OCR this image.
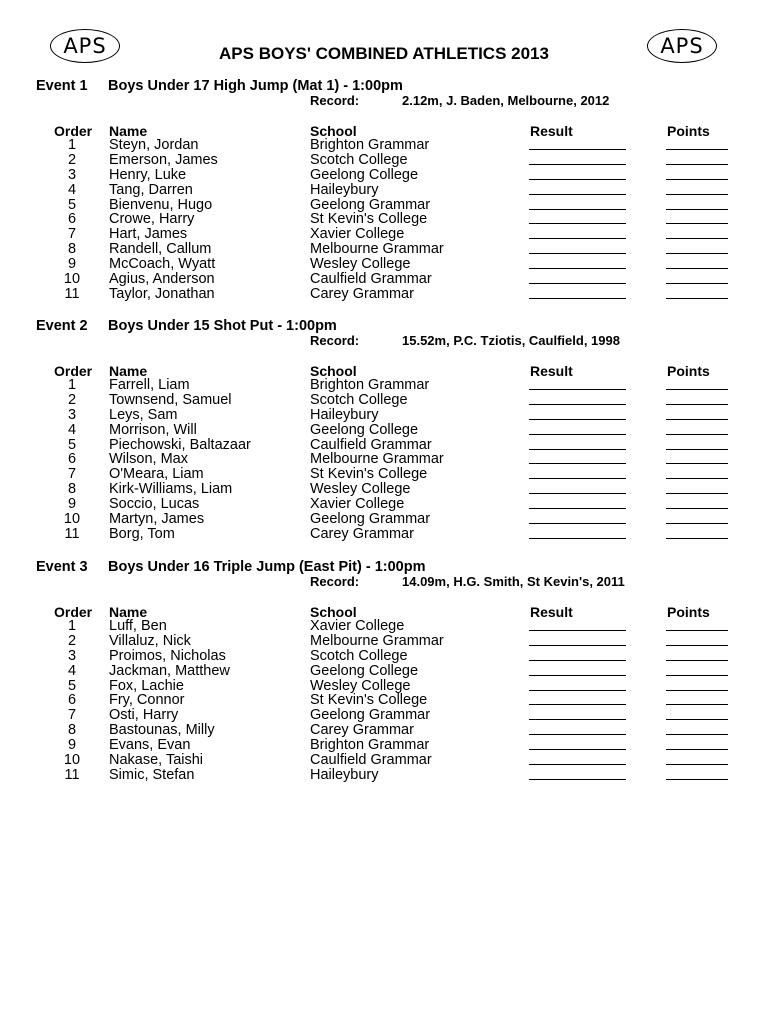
APS	APS BOYS' COMBINED ATHLETICS 2013	APS
Event 1 Boys Under 17 High Jump (Mat 1) - 1:00pm
Record:	2.12m, J. Baden, Melbourne, 2012
Order Name	School	Result	Points
1	Steyn, Jordan	Brighton Grammar
2	Emerson, James	Scotch College
3	Henry, Luke	Geelong College
4	Tang, Darren	Haileybury
5	Bienvenu, Hugo	Geelong Grammar
6	Crowe, Harry	St Kevin's College
7	Hart, James	Xavier College
8	Randell, Callum	Melbourne Grammar
9	McCoach, Wyatt	Wesley College
10	Agius, Anderson	Caulfield Grammar
11	Taylor, Jonathan	Carey Grammar
Event 2 Boys Under 15 Shot Put - 1:00pm
Record:	15.52m, P.C. Tziotis, Caulfield, 1998
Order Name	School	Result	Points
1	Farrell, Liam	Brighton Grammar
2	Townsend, Samuel	Scotch College
3	Leys, Sam	Haileybury
4	Morrison, Will	Geelong College
5	Piechowski, Baltazaar	Caulfield Grammar
6	Wilson, Max	Melbourne Grammar
7	O'Meara, Liam	St Kevin's College
8	Kirk-Williams, Liam	Wesley College
9	Soccio, Lucas	Xavier College
10	Martyn, James	Geelong Grammar
11	Borg, Tom	Carey Grammar
Event 3 Boys Under 16 Triple Jump (East Pit) - 1:00pm
Record:	14.09m, H.G. Smith, St Kevin's, 2011
Order Name	School	Result	Points
1	Luff, Ben	Xavier College
2	Villaluz, Nick	Melbourne Grammar
3	Proimos, Nicholas	Scotch College
4	Jackman, Matthew	Geelong College
5	Fox, Lachie	Wesley College
6	Fry, Connor	St Kevin's College
7	Osti, Harry	Geelong Grammar
8	Bastounas, Milly	Carey Grammar
9	Evans, Evan	Brighton Grammar
10	Nakase, Taishi	Caulfield Grammar
11	Simic, Stefan	Haileybury
